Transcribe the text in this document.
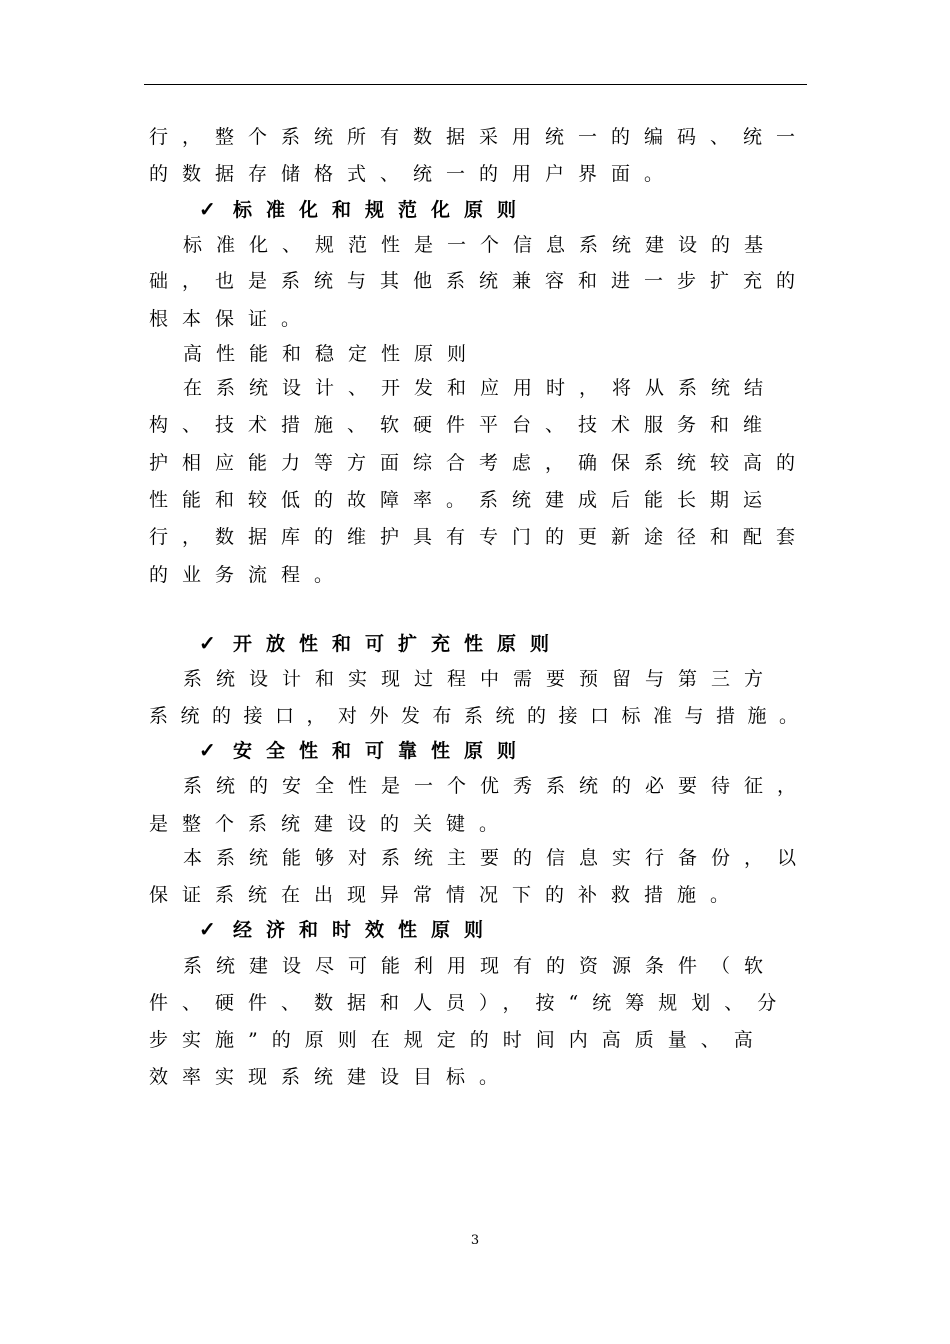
行，整个系统所有数据采用统一的编码、统一
的数据存储格式、统一的用户界面。
✓ 标准化和规范化原则
标准化、规范性是一个信息系统建设的基
础，也是系统与其他系统兼容和进一步扩充的
根本保证。
高性能和稳定性原则
在系统设计、开发和应用时，将从系统结
构、技术措施、软硬件平台、技术服务和维
护相应能力等方面综合考虑，确保系统较高的
性能和较低的故障率。系统建成后能长期运
行，数据库的维护具有专门的更新途径和配套
的业务流程。
✓ 开放性和可扩充性原则
系统设计和实现过程中需要预留与第三方
系统的接口，对外发布系统的接口标准与措施。
✓ 安全性和可靠性原则
系统的安全性是一个优秀系统的必要待征，
是整个系统建设的关键。
本系统能够对系统主要的信息实行备份，以
保证系统在出现异常情况下的补救措施。
✓ 经济和时效性原则
系统建设尽可能利用现有的资源条件（软
件、硬件、数据和人员），按“统筹规划、分
步实施”的原则在规定的时间内高质量、高
效率实现系统建设目标。
3
